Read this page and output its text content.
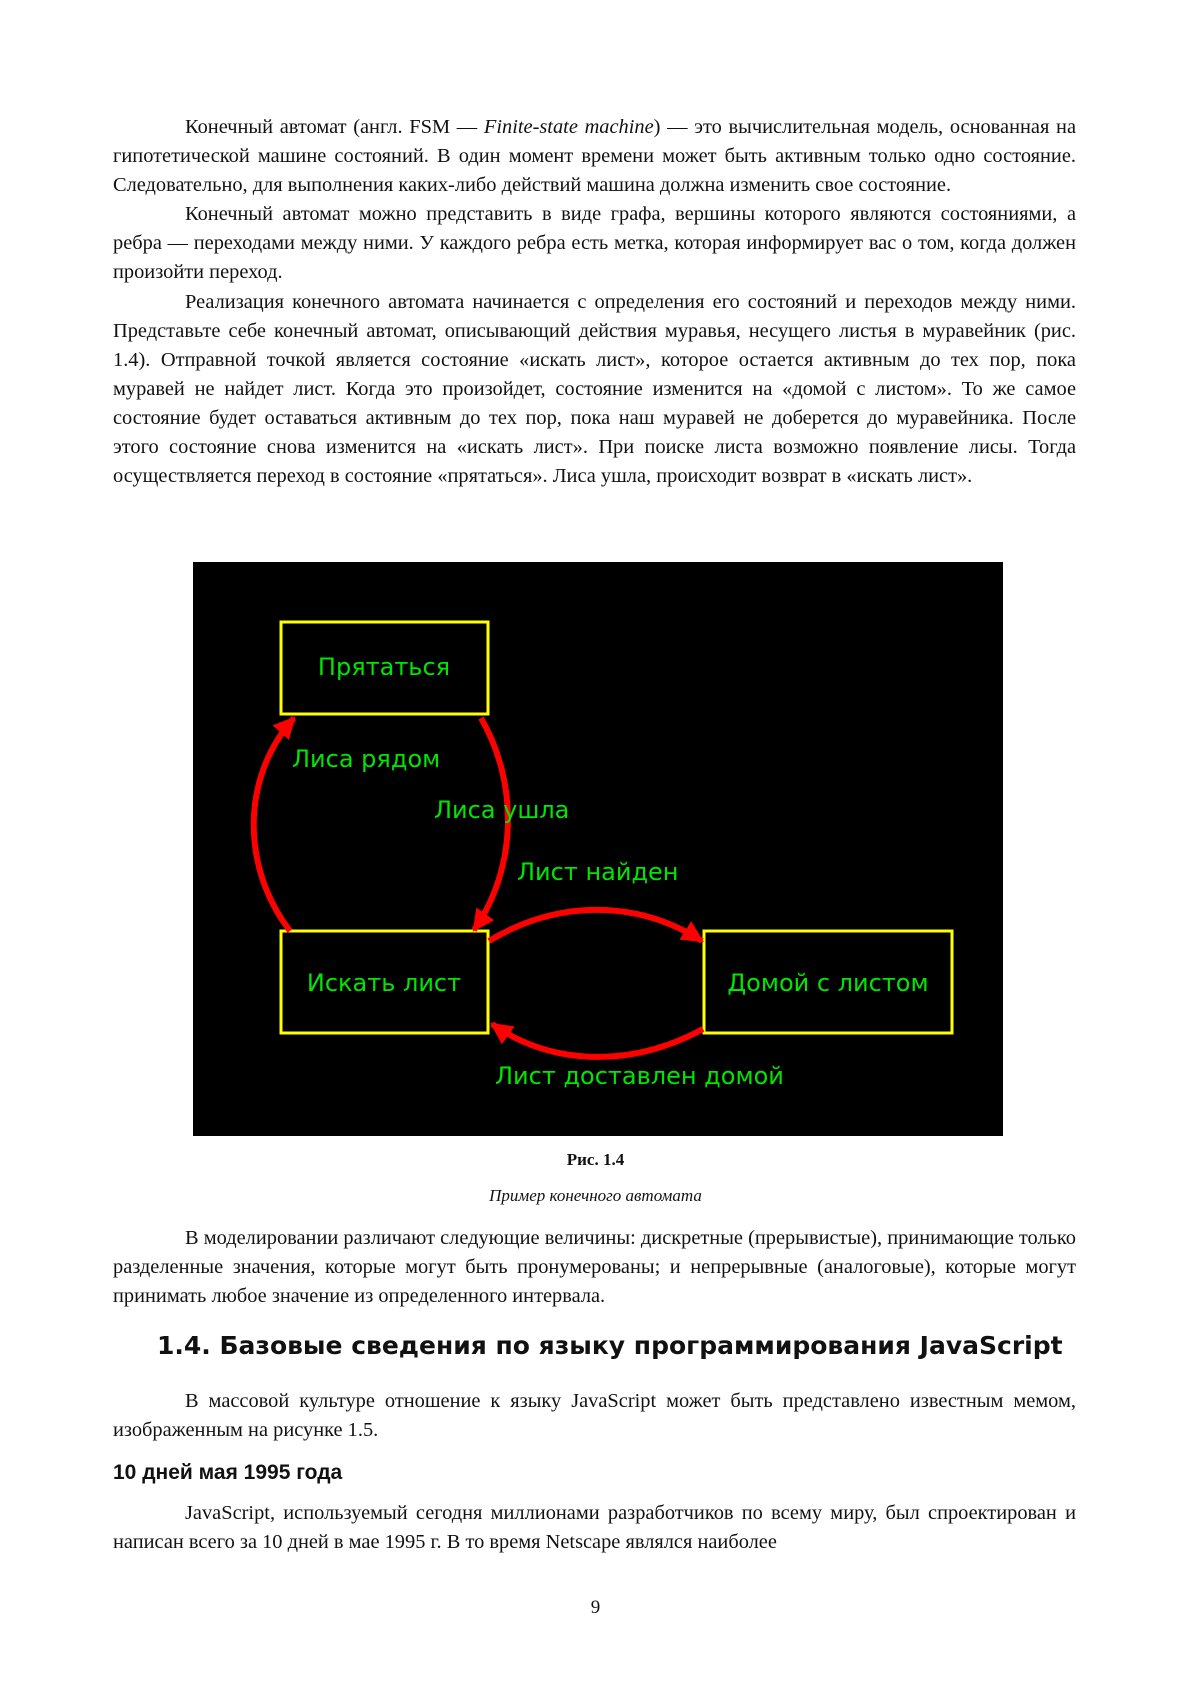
Конечный автомат (англ. FSM — Finite-state machine) — это вычислительная модель, основанная на гипотетической машине состояний. В один момент времени может быть активным только одно состояние. Следовательно, для выполнения каких-либо действий машина должна изменить свое состояние.

Конечный автомат можно представить в виде графа, вершины которого являются состояниями, а ребра — переходами между ними. У каждого ребра есть метка, которая информирует вас о том, когда должен произойти переход.

Реализация конечного автомата начинается с определения его состояний и переходов между ними. Представьте себе конечный автомат, описывающий действия муравья, несущего листья в муравейник (рис. 1.4). Отправной точкой является состояние «искать лист», которое остается активным до тех пор, пока муравей не найдет лист. Когда это произойдет, состояние изменится на «домой с листом». То же самое состояние будет оставаться активным до тех пор, пока наш муравей не доберется до муравейника. После этого состояние снова изменится на «искать лист». При поиске листа возможно появление лисы. Тогда осуществляется переход в состояние «прятаться». Лиса ушла, происходит возврат в «искать лист».

Прятаться
Искать лист	Домой с листом
Лиса рядом
Лиса ушла
Лист найден
Лист доставлен домой
Рис. 1.4
Пример конечного автомата

В моделировании различают следующие величины: дискретные (прерывистые), принимающие только разделенные значения, которые могут быть пронумерованы; и непрерывные (аналоговые), которые могут принимать любое значение из определенного интервала.

1.4. Базовые сведения по языку программирования JavaScript

В массовой культуре отношение к языку JavaScript может быть представлено известным мемом, изображенным на рисунке 1.5.

10 дней мая 1995 года

JavaScript, используемый сегодня миллионами разработчиков по всему миру, был спроектирован и написан всего за 10 дней в мае 1995 г. В то время Netscape являлся наиболее

9
